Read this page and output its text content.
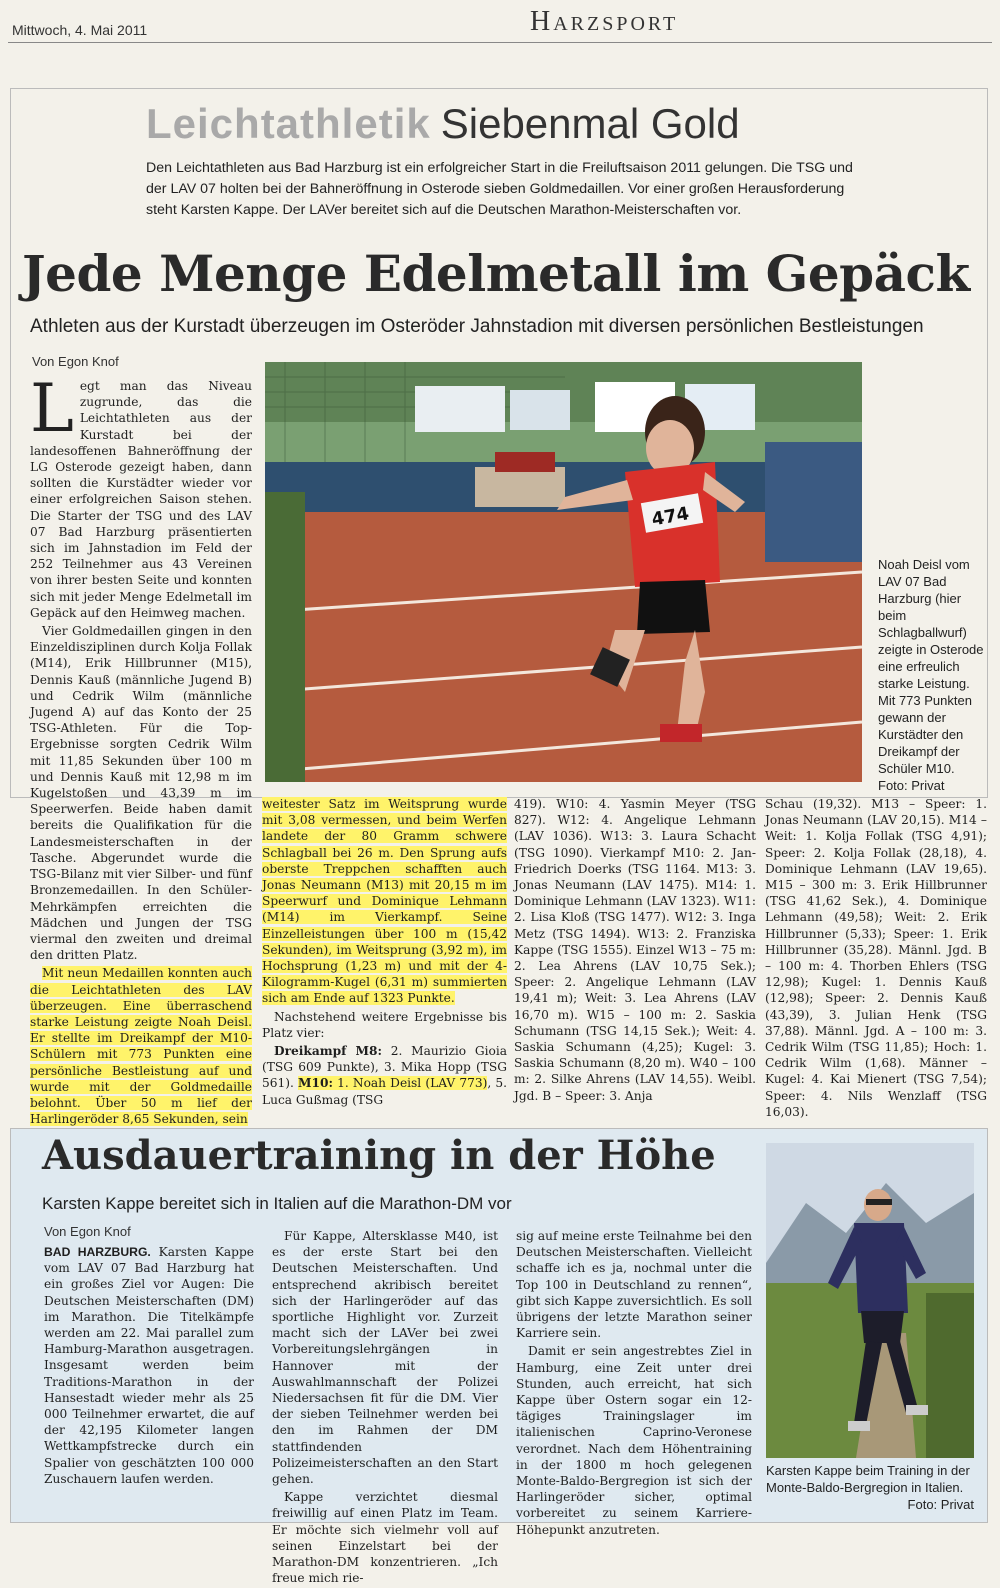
Mittwoch, 4. Mai 2011	Harzsport
Leichtathletik Siebenmal Gold
Den Leichtathleten aus Bad Harzburg ist ein erfolgreicher Start in die Freiluftsaison 2011 gelungen. Die TSG und der LAV 07 holten bei der Bahneröffnung in Osterode sieben Goldmedaillen. Vor einer großen Herausforderung steht Karsten Kappe. Der LAVer bereitet sich auf die Deutschen Marathon-Meisterschaften vor.
Jede Menge Edelmetall im Gepäck
Athleten aus der Kurstadt überzeugen im Osteröder Jahnstadion mit diversen persönlichen Bestleistungen
Von Egon Knof

Legt man das Niveau zugrunde, das die Leichtathleten aus der Kurstadt bei der landesoffenen Bahneröffnung der LG Osterode gezeigt haben, dann sollten die Kurstädter wieder vor einer erfolgreichen Saison stehen. Die Starter der TSG und des LAV 07 Bad Harzburg präsentierten sich im Jahnstadion im Feld der 252 Teilnehmer aus 43 Vereinen von ihrer besten Seite und konnten sich mit jeder Menge Edelmetall im Gepäck auf den Heimweg machen.

Vier Goldmedaillen gingen in den Einzeldisziplinen durch Kolja Follak (M14), Erik Hillbrunner (M15), Dennis Kauß (männliche Jugend B) und Cedrik Wilm (männliche Jugend A) auf das Konto der 25 TSG-Athleten. Für die Top-Ergebnisse sorgten Cedrik Wilm mit 11,85 Sekunden über 100 m und Dennis Kauß mit 12,98 m im Kugelstoßen und 43,39 m im Speerwerfen. Beide haben damit bereits die Qualifikation für die Landesmeisterschaften in der Tasche. Abgerundet wurde die TSG-Bilanz mit vier Silber- und fünf Bronzemedaillen. In den Schüler-Mehrkämpfen erreichten die Mädchen und Jungen der TSG viermal den zweiten und dreimal den dritten Platz.

Mit neun Medaillen konnten auch die Leichtathleten des LAV überzeugen. Eine überraschend starke Leistung zeigte Noah Deisl. Er stellte im Dreikampf der M10-Schülern mit 773 Punkten eine persönliche Bestleistung auf und wurde mit der Goldmedaille belohnt. Über 50 m lief der Harlingeröder 8,65 Sekunden, sein

474
Noah Deisl vom LAV 07 Bad Harzburg (hier beim Schlagballwurf) zeigte in Osterode eine erfreulich starke Leistung. Mit 773 Punkten gewann der Kurstädter den Dreikampf der Schüler M10. Foto: Privat

weitester Satz im Weitsprung wurde mit 3,08 vermessen, und beim Werfen landete der 80 Gramm schwere Schlagball bei 26 m. Den Sprung aufs oberste Treppchen schafften auch Jonas Neumann (M13) mit 20,15 m im Speerwurf und Dominique Lehmann (M14) im Vierkampf. Seine Einzelleistungen über 100 m (15,42 Sekunden), im Weitsprung (3,92 m), im Hochsprung (1,23 m) und mit der 4-Kilogramm-Kugel (6,31 m) summierten sich am Ende auf 1323 Punkte.

Nachstehend weitere Ergebnisse bis Platz vier:

Dreikampf M8: 2. Maurizio Gioia (TSG 609 Punkte), 3. Mika Hopp (TSG 561). M10: 1. Noah Deisl (LAV 773), 5. Luca Gußmag (TSG

419). W10: 4. Yasmin Meyer (TSG 827). W12: 4. Angelique Lehmann (LAV 1036). W13: 3. Laura Schacht (TSG 1090). Vierkampf M10: 2. Jan-Friedrich Doerks (TSG 1164. M13: 3. Jonas Neumann (LAV 1475). M14: 1. Dominique Lehmann (LAV 1323). W11: 2. Lisa Kloß (TSG 1477). W12: 3. Inga Metz (TSG 1494). W13: 2. Franziska Kappe (TSG 1555). Einzel W13 – 75 m: 2. Lea Ahrens (LAV 10,75 Sek.); Speer: 2. Angelique Lehmann (LAV 19,41 m); Weit: 3. Lea Ahrens (LAV 16,70 m). W15 – 100 m: 2. Saskia Schumann (TSG 14,15 Sek.); Weit: 4. Saskia Schumann (4,25); Kugel: 3. Saskia Schumann (8,20 m). W40 – 100 m: 2. Silke Ahrens (LAV 14,55). Weibl. Jgd. B – Speer: 3. Anja
Schau (19,32). M13 – Speer: 1. Jonas Neumann (LAV 20,15). M14 – Weit: 1. Kolja Follak (TSG 4,91); Speer: 2. Kolja Follak (28,18), 4. Dominique Lehmann (LAV 19,65). M15 – 300 m: 3. Erik Hillbrunner (TSG 41,62 Sek.), 4. Dominique Lehmann (49,58); Weit: 2. Erik Hillbrunner (5,33); Speer: 1. Erik Hillbrunner (35,28). Männl. Jgd. B – 100 m: 4. Thorben Ehlers (TSG 12,98); Kugel: 1. Dennis Kauß (12,98); Speer: 2. Dennis Kauß (43,39), 3. Julian Henk (TSG 37,88). Männl. Jgd. A – 100 m: 3. Cedrik Wilm (TSG 11,85); Hoch: 1. Cedrik Wilm (1,68). Männer – Kugel: 4. Kai Mienert (TSG 7,54); Speer: 4. Nils Wenzlaff (TSG 16,03).
Ausdauertraining in der Höhe
Karsten Kappe bereitet sich in Italien auf die Marathon-DM vor
Von Egon Knof

BAD HARZBURG. Karsten Kappe vom LAV 07 Bad Harzburg hat ein großes Ziel vor Augen: Die Deutschen Meisterschaften (DM) im Marathon. Die Titelkämpfe werden am 22. Mai parallel zum Hamburg-Marathon ausgetragen. Insgesamt werden beim Traditions-Marathon in der Hansestadt wieder mehr als 25 000 Teilnehmer erwartet, die auf der 42,195 Kilometer langen Wettkampfstrecke durch ein Spalier von geschätzten 100 000 Zuschauern laufen werden.

Für Kappe, Altersklasse M40, ist es der erste Start bei den Deutschen Meisterschaften. Und entsprechend akribisch bereitet sich der Harlingeröder auf das sportliche Highlight vor. Zurzeit macht sich der LAVer bei zwei Vorbereitungslehrgängen in Hannover mit der Auswahlmannschaft der Polizei Niedersachsen fit für die DM. Vier der sieben Teilnehmer werden bei den im Rahmen der DM stattfindenden Polizeimeisterschaften an den Start gehen.

Kappe verzichtet diesmal freiwillig auf einen Platz im Team. Er möchte sich vielmehr voll auf seinen Einzelstart bei der Marathon-DM konzentrieren. „Ich freue mich rie-

sig auf meine erste Teilnahme bei den Deutschen Meisterschaften. Vielleicht schaffe ich es ja, nochmal unter die Top 100 in Deutschland zu rennen“, gibt sich Kappe zuversichtlich. Es soll übrigens der letzte Marathon seiner Karriere sein.

Damit er sein angestrebtes Ziel in Hamburg, eine Zeit unter drei Stunden, auch erreicht, hat sich Kappe über Ostern sogar ein 12-tägiges Trainingslager im italienischen Caprino-Veronese verordnet. Nach dem Höhentraining in der 1800 m hoch gelegenen Monte-Baldo-Bergregion ist sich der Harlingeröder sicher, optimal vorbereitet zu seinem Karriere-Höhepunkt anzutreten.

Karsten Kappe beim Training in der Monte-Baldo-Bergregion in Italien.
Foto: Privat
